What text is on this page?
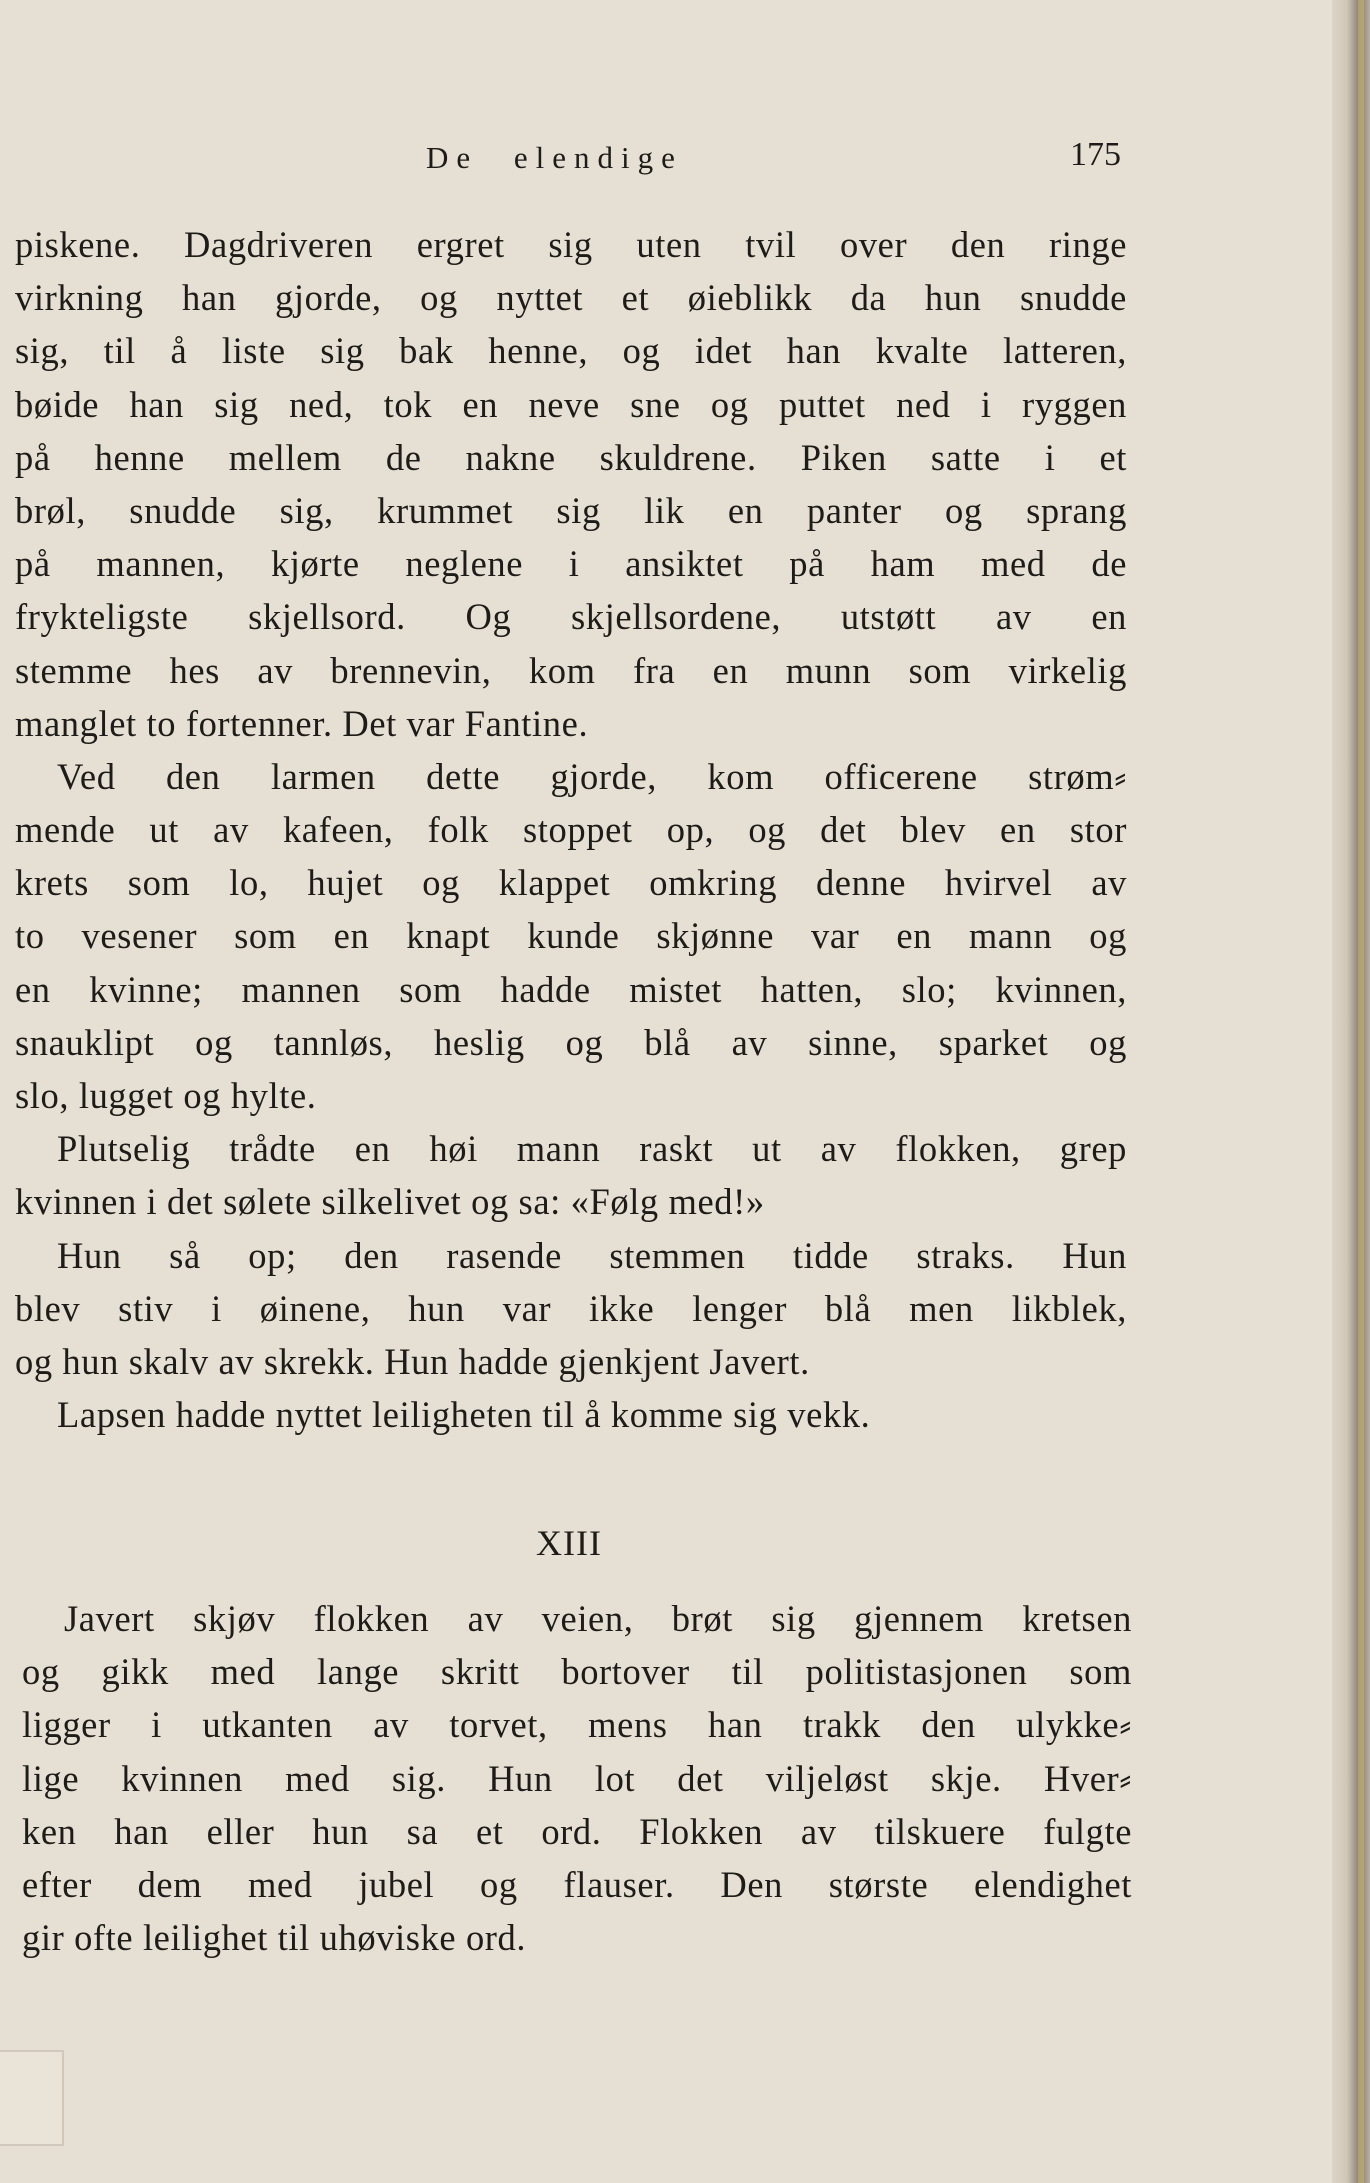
De elendige	175
piskene. Dagdriveren ergret sig uten tvil over den ringe
virkning han gjorde, og nyttet et øieblikk da hun snudde
sig, til å liste sig bak henne, og idet han kvalte latteren,
bøide han sig ned, tok en neve sne og puttet ned i ryggen
på henne mellem de nakne skuldrene. Piken satte i et
brøl, snudde sig, krummet sig lik en panter og sprang
på mannen, kjørte neglene i ansiktet på ham med de
frykteligste skjellsord. Og skjellsordene, utstøtt av en
stemme hes av brennevin, kom fra en munn som virkelig
manglet to fortenner. Det var Fantine.
Ved den larmen dette gjorde, kom officerene strøm⸗
mende ut av kafeen, folk stoppet op, og det blev en stor
krets som lo, hujet og klappet omkring denne hvirvel av
to vesener som en knapt kunde skjønne var en mann og
en kvinne; mannen som hadde mistet hatten, slo; kvinnen,
snauklipt og tannløs, heslig og blå av sinne, sparket og
slo, lugget og hylte.
Plutselig trådte en høi mann raskt ut av flokken, grep
kvinnen i det sølete silkelivet og sa: «Følg med!»
Hun så op; den rasende stemmen tidde straks. Hun
blev stiv i øinene, hun var ikke lenger blå men likblek,
og hun skalv av skrekk. Hun hadde gjenkjent Javert.
Lapsen hadde nyttet leiligheten til å komme sig vekk.
XIII
Javert skjøv flokken av veien, brøt sig gjennem kretsen
og gikk med lange skritt bortover til politistasjonen som
ligger i utkanten av torvet, mens han trakk den ulykke⸗
lige kvinnen med sig. Hun lot det viljeløst skje. Hver⸗
ken han eller hun sa et ord. Flokken av tilskuere fulgte
efter dem med jubel og flauser. Den største elendighet
gir ofte leilighet til uhøviske ord.
